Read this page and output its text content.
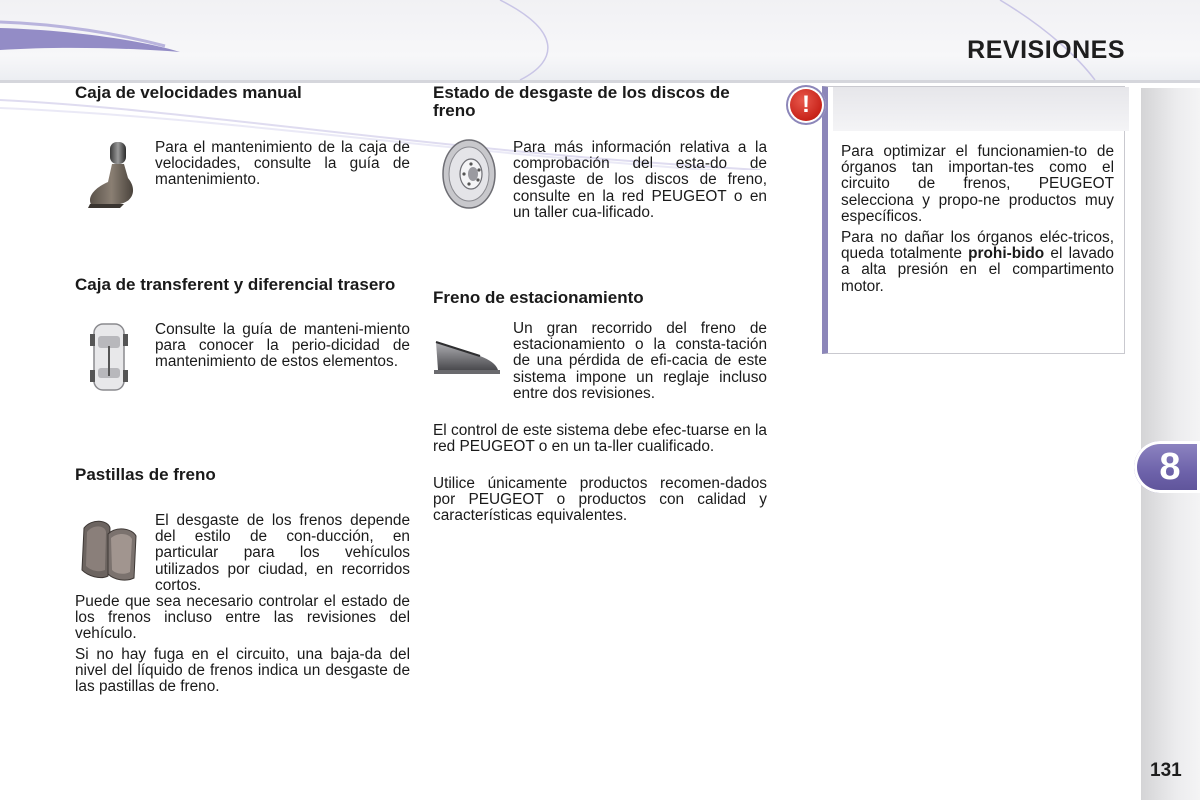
REVISIONES
8
131
Caja de velocidades manual

Para el mantenimiento de la caja de velocidades, consulte la guía de mantenimiento.

Caja de transferent y diferencial trasero

Consulte la guía de manteni-miento para conocer la perio-dicidad de mantenimiento de estos elementos.

Pastillas de freno

El desgaste de los frenos depende del estilo de con-ducción, en particular para los vehículos utilizados por ciudad, en recorridos cortos.

Puede que sea necesario controlar el estado de los frenos incluso entre las revisiones del vehículo.

Si no hay fuga en el circuito, una baja-da del nivel del líquido de frenos indica un desgaste de las pastillas de freno.

Estado de desgaste de los discos de freno

Para más información relativa a la comprobación del esta-do de desgaste de los discos de freno, consulte en la red PEUGEOT o en un taller cua-lificado.

Freno de estacionamiento

Un gran recorrido del freno de estacionamiento o la consta-tación de una pérdida de efi-cacia de este sistema impone un reglaje incluso entre dos revisiones.

El control de este sistema debe efec-tuarse en la red PEUGEOT o en un ta-ller cualificado.

Utilice únicamente productos recomen-dados por PEUGEOT o productos con calidad y características equivalentes.

!

Para optimizar el funcionamien-to de órganos tan importan-tes como el circuito de frenos, PEUGEOT selecciona y propo-ne productos muy específicos.

Para no dañar los órganos eléc-tricos, queda totalmente prohi-bido el lavado a alta presión en el compartimento motor.
